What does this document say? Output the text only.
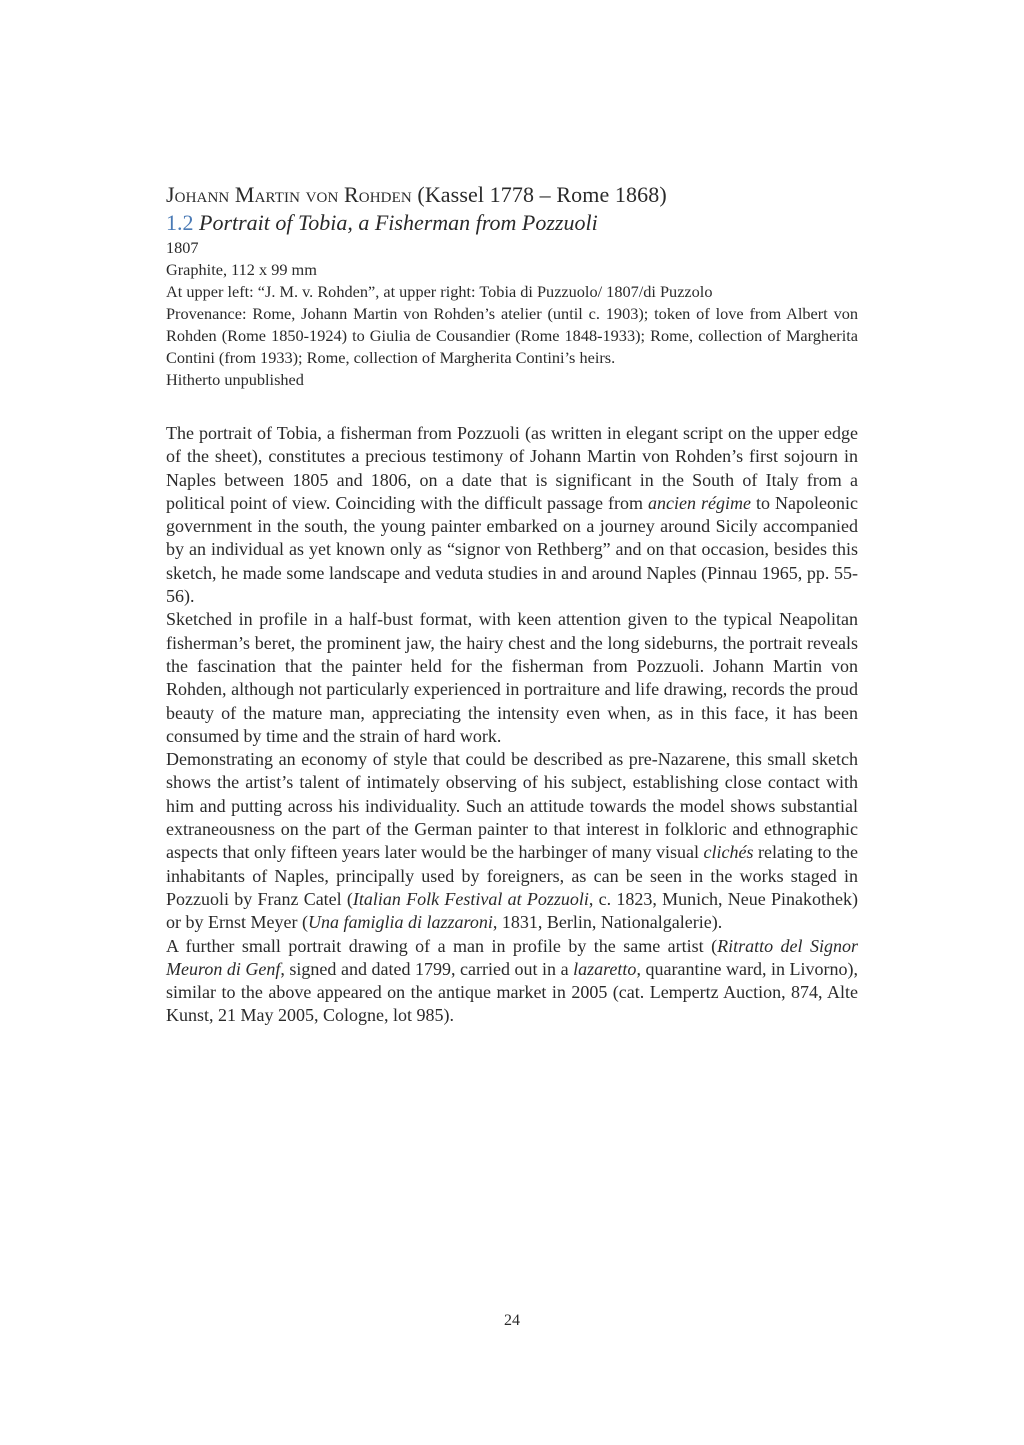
Johann Martin von Rohden (Kassel 1778 – Rome 1868)
1.2 Portrait of Tobia, a Fisherman from Pozzuoli
1807
Graphite, 112 x 99 mm
At upper left: “J. M. v. Rohden”, at upper right: Tobia di Puzzuolo/ 1807/di Puzzolo
Provenance: Rome, Johann Martin von Rohden’s atelier (until c. 1903); token of love from Albert von Rohden (Rome 1850-1924) to Giulia de Cousandier (Rome 1848-1933); Rome, collection of Margherita Contini (from 1933); Rome, collection of Margherita Contini’s heirs.
Hitherto unpublished

The portrait of Tobia, a fisherman from Pozzuoli (as written in elegant script on the upper edge of the sheet), constitutes a precious testimony of Johann Martin von Rohden’s first sojourn in Naples between 1805 and 1806, on a date that is significant in the South of Italy from a political point of view. Coinciding with the difficult passage from ancien régime to Napoleonic government in the south, the young painter embarked on a journey around Sicily accompanied by an individual as yet known only as “signor von Rethberg” and on that occasion, besides this sketch, he made some landscape and veduta studies in and around Naples (Pinnau 1965, pp. 55-56).

Sketched in profile in a half-bust format, with keen attention given to the typical Neapolitan fisherman’s beret, the prominent jaw, the hairy chest and the long sideburns, the portrait reveals the fascination that the painter held for the fisherman from Pozzuoli. Johann Martin von Rohden, although not particularly experienced in portraiture and life drawing, records the proud beauty of the mature man, appreciating the intensity even when, as in this face, it has been consumed by time and the strain of hard work.

Demonstrating an economy of style that could be described as pre-Nazarene, this small sketch shows the artist’s talent of intimately observing of his subject, establishing close contact with him and putting across his individuality. Such an attitude towards the model shows substantial extraneousness on the part of the German painter to that interest in folkloric and ethnographic aspects that only fifteen years later would be the harbinger of many visual clichés relating to the inhabitants of Naples, principally used by foreigners, as can be seen in the works staged in Pozzuoli by Franz Catel (Italian Folk Festival at Pozzuoli, c. 1823, Munich, Neue Pinakothek) or by Ernst Meyer (Una famiglia di lazzaroni, 1831, Berlin, Nationalgalerie).

A further small portrait drawing of a man in profile by the same artist (Ritratto del Signor Meuron di Genf, signed and dated 1799, carried out in a lazaretto, quarantine ward, in Livorno), similar to the above appeared on the antique market in 2005 (cat. Lempertz Auction, 874, Alte Kunst, 21 May 2005, Cologne, lot 985).

24
